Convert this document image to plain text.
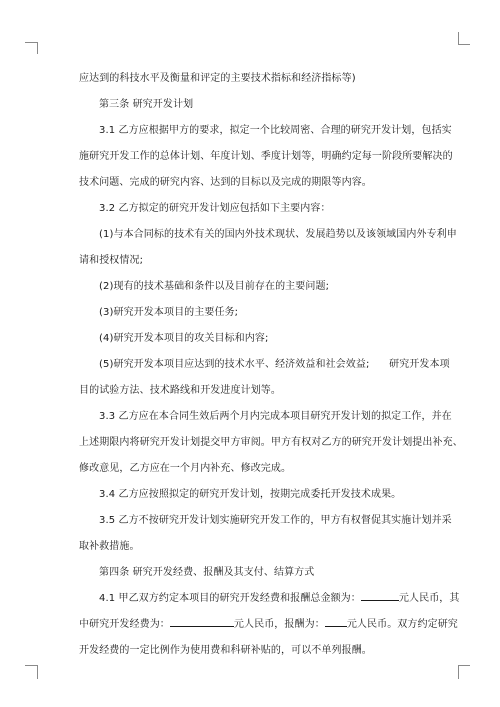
应达到的科技水平及衡量和评定的主要技术指标和经济指标等)

第三条 研究开发计划

3.1 乙方应根据甲方的要求，拟定一个比较周密、合理的研究开发计划，包括实

施研究开发工作的总体计划、年度计划、季度计划等，明确约定每一阶段所要解决的

技术问题、完成的研究内容、达到的目标以及完成的期限等内容。

3.2 乙方拟定的研究开发计划应包括如下主要内容：

(1)与本合同标的技术有关的国内外技术现状、发展趋势以及该领域国内外专利申

请和授权情况;

(2)现有的技术基础和条件以及目前存在的主要问题;

(3)研究开发本项目的主要任务;

(4)研究开发本项目的攻关目标和内容;

(5)研究开发本项目应达到的技术水平、经济效益和社会效益;      研究开发本项

目的试验方法、技术路线和开发进度计划等。

3.3 乙方应在本合同生效后两个月内完成本项目研究开发计划的拟定工作，并在

上述期限内将研究开发计划提交甲方审阅。甲方有权对乙方的研究开发计划提出补充、

修改意见，乙方应在一个月内补充、修改完成。

3.4 乙方应按照拟定的研究开发计划，按期完成委托开发技术成果。

3.5 乙方不按研究开发计划实施研究开发工作的，甲方有权督促其实施计划并采

取补救措施。

第四条 研究开发经费、报酬及其支付、结算方式

4.1 甲乙双方约定本项目的研究开发经费和报酬总金额为：	元人民币，其

中研究开发经费为：	元人民币，报酬为： 元人民币。双方约定研究

开发经费的一定比例作为使用费和科研补贴的，可以不单列报酬。
